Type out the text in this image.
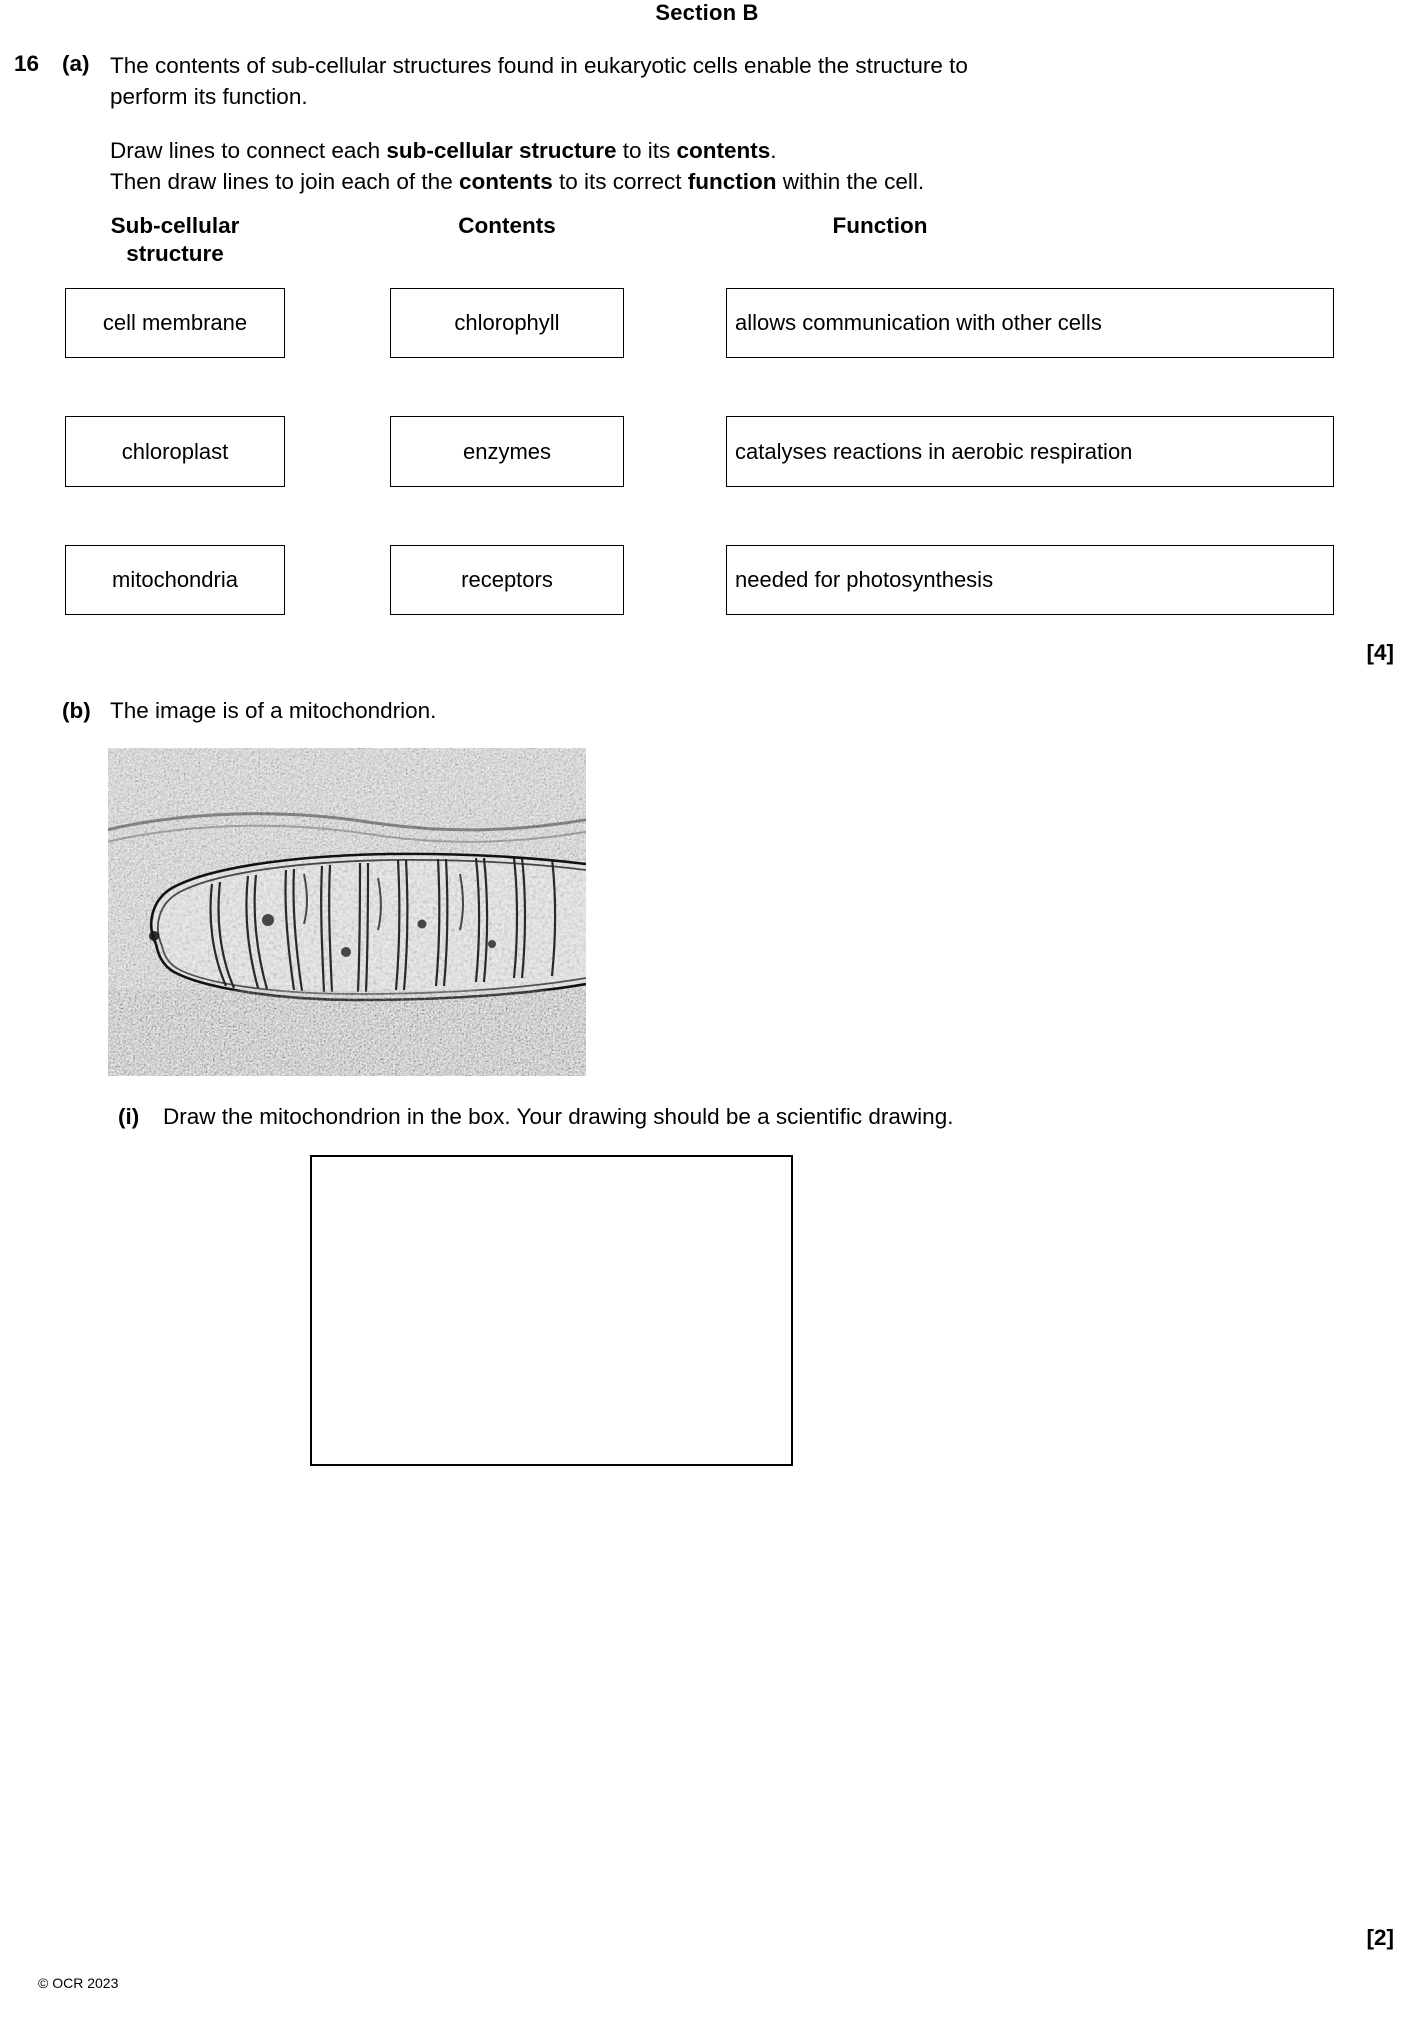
Section B
16 (a) The contents of sub-cellular structures found in eukaryotic cells enable the structure to perform its function.
Draw lines to connect each sub-cellular structure to its contents.
Then draw lines to join each of the contents to its correct function within the cell.
Sub-cellular
structure
Contents	Function
cell membrane
chloroplast
mitochondria
chlorophyll
enzymes
receptors
allows communication with other cells
catalyses reactions in aerobic respiration
needed for photosynthesis
[4]
(b) The image is of a mitochondrion.
(i) Draw the mitochondrion in the box. Your drawing should be a scientific drawing.
[2]
© OCR 2023
